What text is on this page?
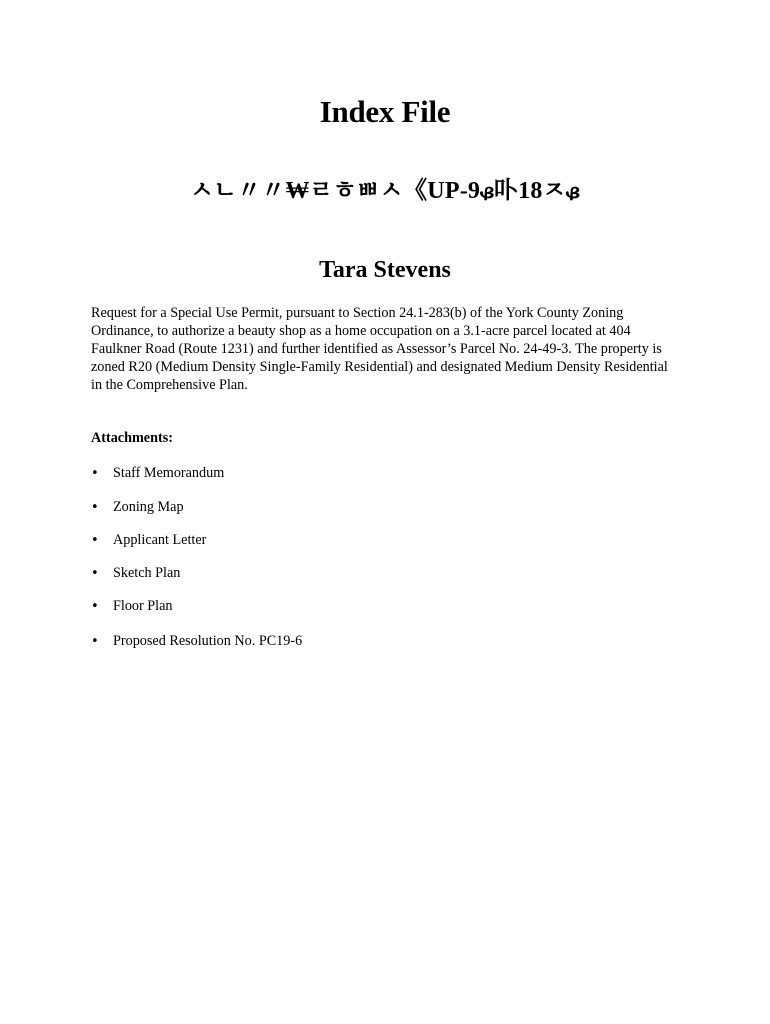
Index File
ㅅㄴ〃〃₩ㄹㅎㅃㅅ《UP-9ᏸ卟18ㅈᏸ
Tara Stevens

Request for a Special Use Permit, pursuant to Section 24.1-283(b) of the York County Zoning Ordinance, to authorize a beauty shop as a home occupation on a 3.1-acre parcel located at 404 Faulkner Road (Route 1231) and further identified as Assessor’s Parcel No. 24-49-3. The property is zoned R20 (Medium Density Single-Family Residential) and designated Medium Density Residential in the Comprehensive Plan.

Attachments:

• Staff Memorandum
• Zoning Map
• Applicant Letter
• Sketch Plan
• Floor Plan
• Proposed Resolution No. PC19-6
